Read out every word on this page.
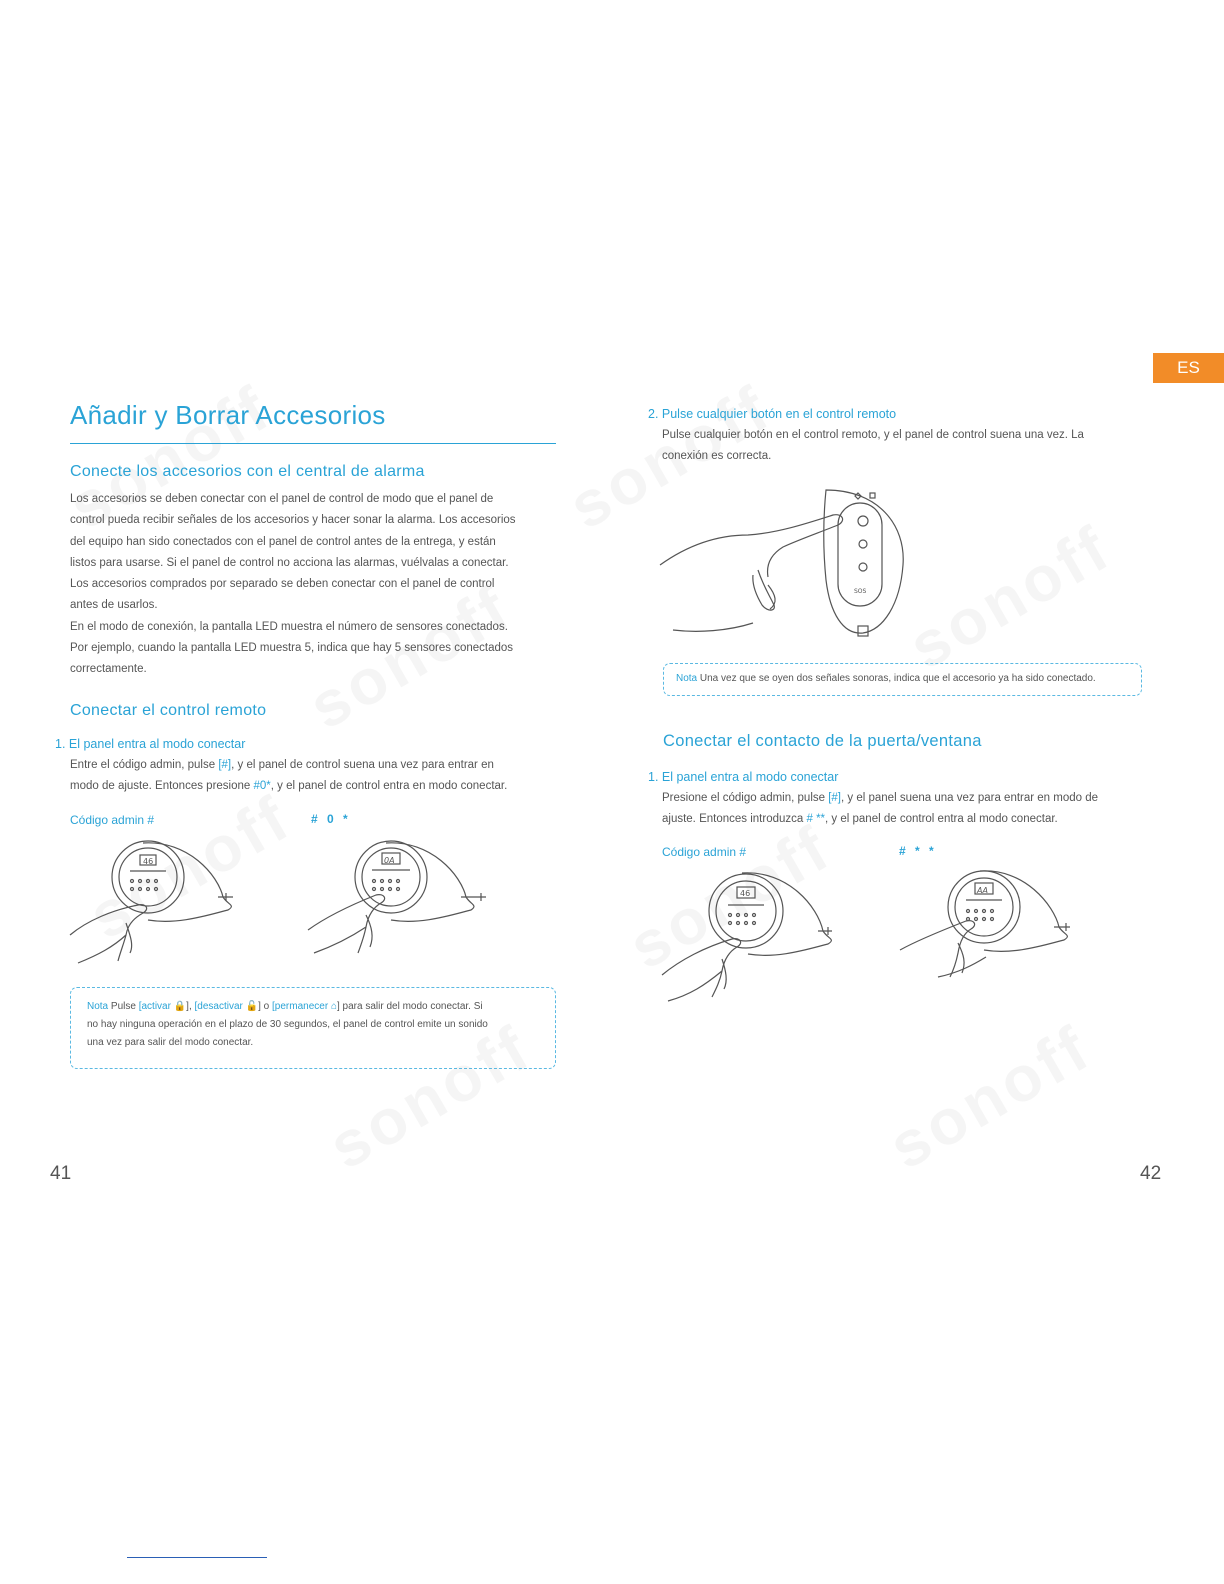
ES
Añadir y Borrar Accesorios
Conecte los accesorios con el central de alarma
Los accesorios se deben conectar con el panel de control de modo que el panel de
control pueda recibir señales de los accesorios y hacer sonar la alarma. Los accesorios
del equipo han sido conectados con el panel de control antes de la entrega, y están
listos para usarse. Si el panel de control no acciona las alarmas, vuélvalas a conectar.
Los accesorios comprados por separado se deben conectar con el panel de control
antes de usarlos.
En el modo de conexión, la pantalla LED muestra el número de sensores conectados.
Por ejemplo, cuando la pantalla LED muestra 5, indica que hay 5 sensores conectados
correctamente.
Conectar el control remoto
1. El panel entra al modo conectar
Entre el código admin, pulse [#], y el panel de control suena una vez para entrar en
modo de ajuste. Entonces presione #0*, y el panel de control entra en modo conectar.
Código admin #	# 0 *
46	0A
Nota Pulse [activar 🔒], [desactivar 🔓] o [permanecer ⌂] para salir del modo conectar. Si
no hay ninguna operación en el plazo de 30 segundos, el panel de control emite un sonido
una vez para salir del modo conectar.
41
2. Pulse cualquier botón en el control remoto
Pulse cualquier botón en el control remoto, y el panel de control suena una vez. La
conexión es correcta.
SOS
Nota Una vez que se oyen dos señales sonoras, indica que el accesorio ya ha sido conectado.
Conectar el contacto de la puerta/ventana
1. El panel entra al modo conectar
Presione el código admin, pulse [#], y el panel suena una vez para entrar en modo de
ajuste. Entonces introduzca # **, y el panel de control entra al modo conectar.
Código admin #	# * *
46	AA
42
